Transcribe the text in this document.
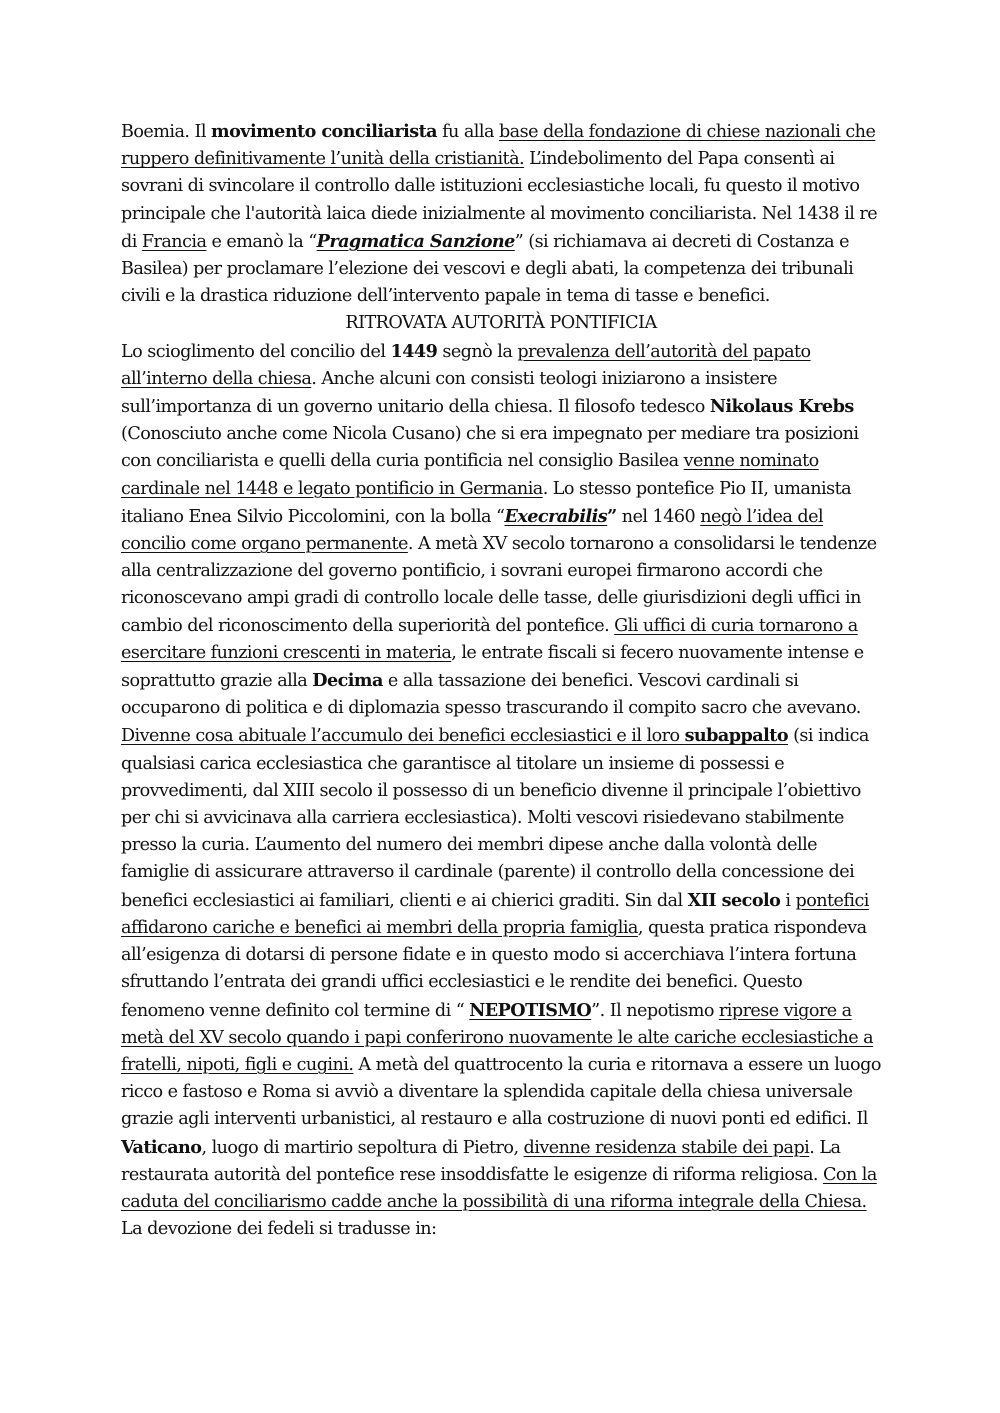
Boemia. Il movimento conciliarista fu alla base della fondazione di chiese nazionali che ruppero definitivamente l’unità della cristianità. L’indebolimento del Papa consentì ai sovrani di svincolare il controllo dalle istituzioni ecclesiastiche locali, fu questo il motivo principale che l'autorità laica diede inizialmente al movimento conciliarista. Nel 1438 il re di Francia e emanò la “Pragmatica Sanzione” (si richiamava ai decreti di Costanza e Basilea) per proclamare l’elezione dei vescovi e degli abati, la competenza dei tribunali civili e la drastica riduzione dell’intervento papale in tema di tasse e benefici.

RITROVATA AUTORITÀ PONTIFICIA

Lo scioglimento del concilio del 1449 segnò la prevalenza dell’autorità del papato all’interno della chiesa. Anche alcuni con consisti teologi iniziarono a insistere sull’importanza di un governo unitario della chiesa. Il filosofo tedesco Nikolaus Krebs (Conosciuto anche come Nicola Cusano) che si era impegnato per mediare tra posizioni con conciliarista e quelli della curia pontificia nel consiglio Basilea venne nominato cardinale nel 1448 e legato pontificio in Germania. Lo stesso pontefice Pio II, umanista italiano Enea Silvio Piccolomini, con la bolla “Execrabilis” nel 1460 negò l’idea del concilio come organo permanente. A metà XV secolo tornarono a consolidarsi le tendenze alla centralizzazione del governo pontificio, i sovrani europei firmarono accordi che riconoscevano ampi gradi di controllo locale delle tasse, delle giurisdizioni degli uffici in cambio del riconoscimento della superiorità del pontefice. Gli uffici di curia tornarono a esercitare funzioni crescenti in materia, le entrate fiscali si fecero nuovamente intense e soprattutto grazie alla Decima e alla tassazione dei benefici. Vescovi cardinali si occuparono di politica e di diplomazia spesso trascurando il compito sacro che avevano. Divenne cosa abituale l’accumulo dei benefici ecclesiastici e il loro subappalto (si indica qualsiasi carica ecclesiastica che garantisce al titolare un insieme di possessi e provvedimenti, dal XIII secolo il possesso di un beneficio divenne il principale l’obiettivo per chi si avvicinava alla carriera ecclesiastica). Molti vescovi risiedevano stabilmente presso la curia. L’aumento del numero dei membri dipese anche dalla volontà delle famiglie di assicurare attraverso il cardinale (parente) il controllo della concessione dei benefici ecclesiastici ai familiari, clienti e ai chierici graditi. Sin dal XII secolo i pontefici affidarono cariche e benefici ai membri della propria famiglia, questa pratica rispondeva all’esigenza di dotarsi di persone fidate e in questo modo si accerchiava l’intera fortuna sfruttando l’entrata dei grandi uffici ecclesiastici e le rendite dei benefici. Questo fenomeno venne definito col termine di “ NEPOTISMO”. Il nepotismo riprese vigore a metà del XV secolo quando i papi conferirono nuovamente le alte cariche ecclesiastiche a fratelli, nipoti, figli e cugini. A metà del quattrocento la curia e ritornava a essere un luogo ricco e fastoso e Roma si avviò a diventare la splendida capitale della chiesa universale grazie agli interventi urbanistici, al restauro e alla costruzione di nuovi ponti ed edifici. Il Vaticano, luogo di martirio sepoltura di Pietro, divenne residenza stabile dei papi. La restaurata autorità del pontefice rese insoddisfatte le esigenze di riforma religiosa. Con la caduta del conciliarismo cadde anche la possibilità di una riforma integrale della Chiesa. La devozione dei fedeli si tradusse in:
